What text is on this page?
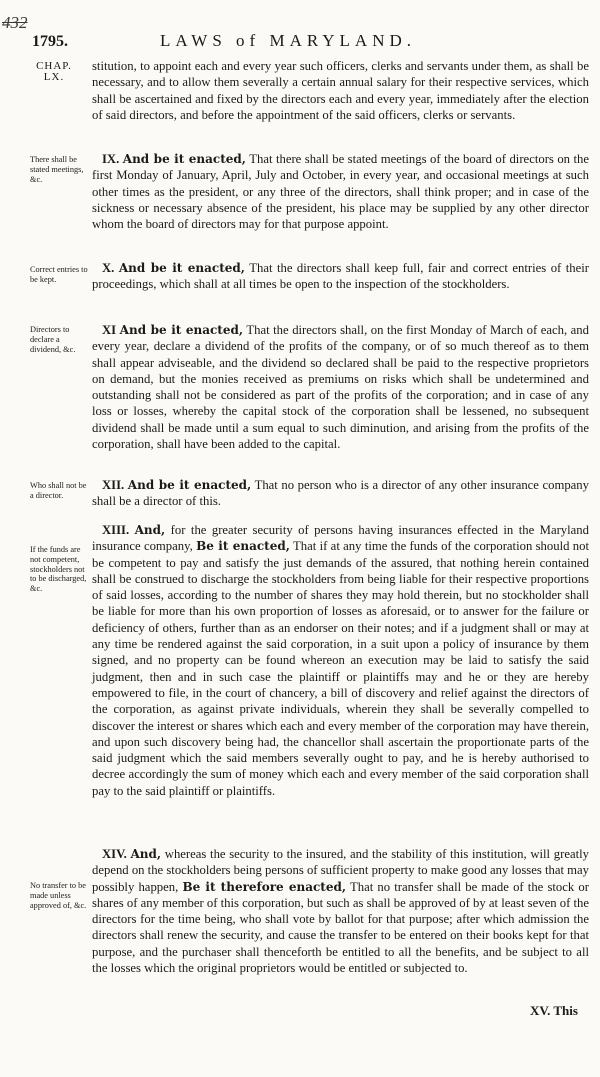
432
1795.	LAWS of MARYLAND.
CHAP.
LX.

stitution, to appoint each and every year such officers, clerks and servants under them, as shall be necessary, and to allow them severally a certain annual salary for their respective services, which shall be ascertained and fixed by the directors each and every year, immediately after the election of said directors, and before the appointment of the said officers, clerks or servants.

There shall be stated meetings, &c.

IX. And be it enacted, That there shall be stated meetings of the board of directors on the first Monday of January, April, July and October, in every year, and occasional meetings at such other times as the president, or any three of the directors, shall think proper; and in case of the sickness or necessary absence of the president, his place may be supplied by any other director whom the board of directors may for that purpose appoint.

Correct entries to be kept.

X. And be it enacted, That the directors shall keep full, fair and correct entries of their proceedings, which shall at all times be open to the inspection of the stockholders.

Directors to declare a dividend, &c.

XI And be it enacted, That the directors shall, on the first Monday of March of each, and every year, declare a dividend of the profits of the company, or of so much thereof as to them shall appear adviseable, and the dividend so declared shall be paid to the respective proprietors on demand, but the monies received as premiums on risks which shall be undetermined and outstanding shall not be considered as part of the profits of the corporation; and in case of any loss or losses, whereby the capital stock of the corporation shall be lessened, no subsequent dividend shall be made until a sum equal to such diminution, and arising from the profits of the corporation, shall have been added to the capital.

Who shall not be a director.

XII. And be it enacted, That no person who is a director of any other insurance company shall be a director of this.

If the funds are not competent, stockholders not to be discharged, &c.

XIII. And, for the greater security of persons having insurances effected in the Maryland insurance company, Be it enacted, That if at any time the funds of the corporation should not be competent to pay and satisfy the just demands of the assured, that nothing herein contained shall be construed to discharge the stockholders from being liable for their respective proportions of said losses, according to the number of shares they may hold therein, but no stockholder shall be liable for more than his own proportion of losses as aforesaid, or to answer for the failure or deficiency of others, further than as an endorser on their notes; and if a judgment shall or may at any time be rendered against the said corporation, in a suit upon a policy of insurance by them signed, and no property can be found whereon an execution may be laid to satisfy the said judgment, then and in such case the plaintiff or plaintiffs may and he or they are hereby empowered to file, in the court of chancery, a bill of discovery and relief against the directors of the corporation, as against private individuals, wherein they shall be severally compelled to discover the interest or shares which each and every member of the corporation may have therein, and upon such discovery being had, the chancellor shall ascertain the proportionate parts of the said judgment which the said members severally ought to pay, and he is hereby authorised to decree accordingly the sum of money which each and every member of the said corporation shall pay to the said plaintiff or plaintiffs.

No transfer to be made unless approved of, &c.

XIV. And, whereas the security to the insured, and the stability of this institution, will greatly depend on the stockholders being persons of sufficient property to make good any losses that may possibly happen, Be it therefore enacted, That no transfer shall be made of the stock or shares of any member of this corporation, but such as shall be approved of by at least seven of the directors for the time being, who shall vote by ballot for that purpose; after which admission the directors shall renew the security, and cause the transfer to be entered on their books kept for that purpose, and the purchaser shall thenceforth be entitled to all the benefits, and be subject to all the losses which the original proprietors would be entitled or subjected to.

XV. This
